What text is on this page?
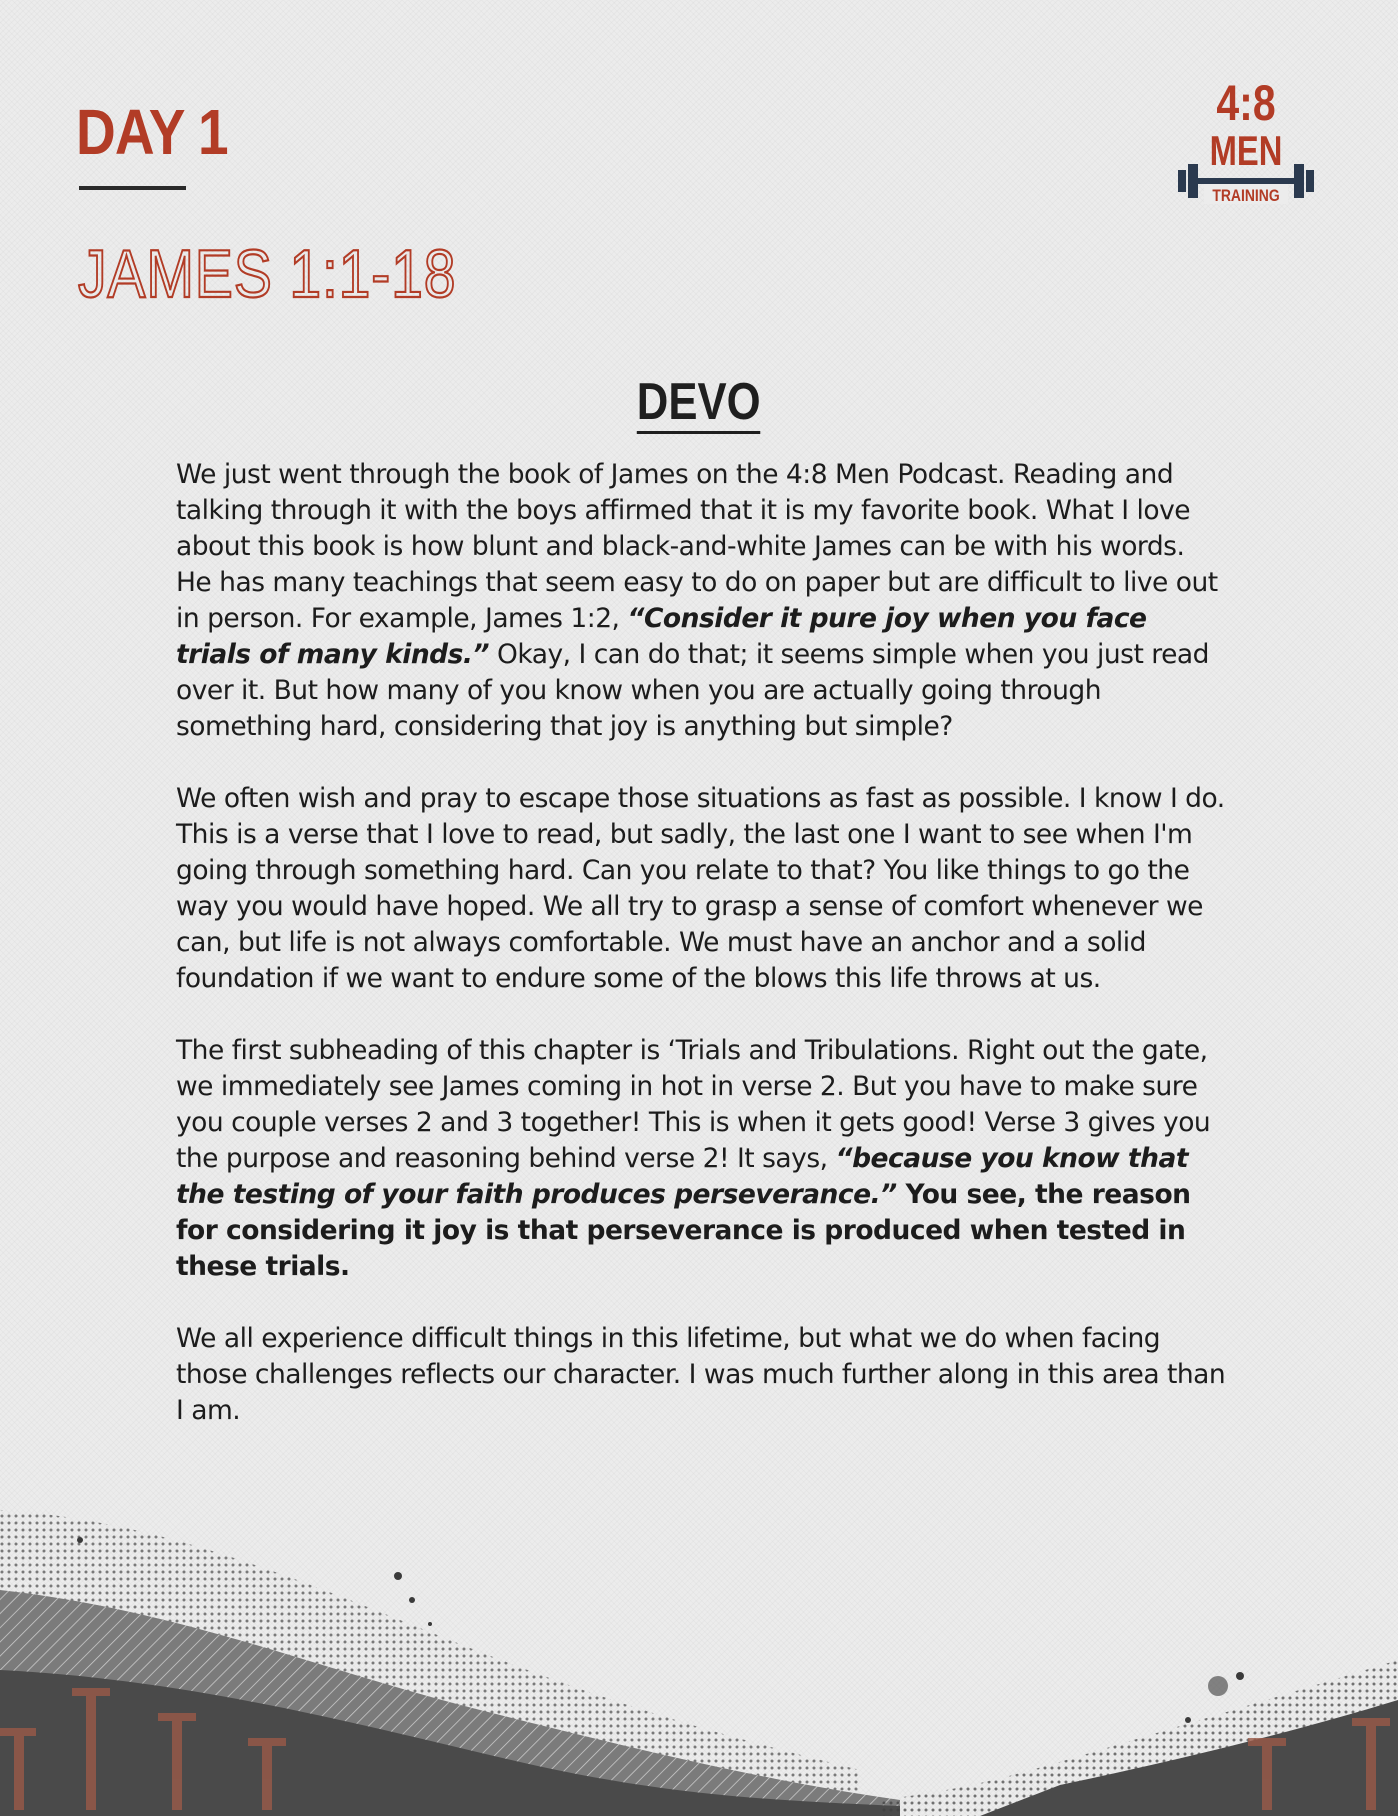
DAY 1
JAMES 1:1-18
4:8
MEN
TRAINING
DEVO

We just went through the book of James on the 4:8 Men Podcast. Reading and talking through it with the boys affirmed that it is my favorite book. What I love about this book is how blunt and black-and-white James can be with his words. He has many teachings that seem easy to do on paper but are difficult to live out in person. For example, James 1:2, “Consider it pure joy when you face trials of many kinds.” Okay, I can do that; it seems simple when you just read over it. But how many of you know when you are actually going through something hard, considering that joy is anything but simple?

We often wish and pray to escape those situations as fast as possible. I know I do. This is a verse that I love to read, but sadly, the last one I want to see when I'm going through something hard. Can you relate to that? You like things to go the way you would have hoped. We all try to grasp a sense of comfort whenever we can, but life is not always comfortable. We must have an anchor and a solid foundation if we want to endure some of the blows this life throws at us.

The first subheading of this chapter is ‘Trials and Tribulations. Right out the gate, we immediately see James coming in hot in verse 2. But you have to make sure you couple verses 2 and 3 together! This is when it gets good! Verse 3 gives you the purpose and reasoning behind verse 2! It says, “because you know that the testing of your faith produces perseverance.” You see, the reason for considering it joy is that perseverance is produced when tested in these trials.

We all experience difficult things in this lifetime, but what we do when facing those challenges reflects our character. I was much further along in this area than I am.
